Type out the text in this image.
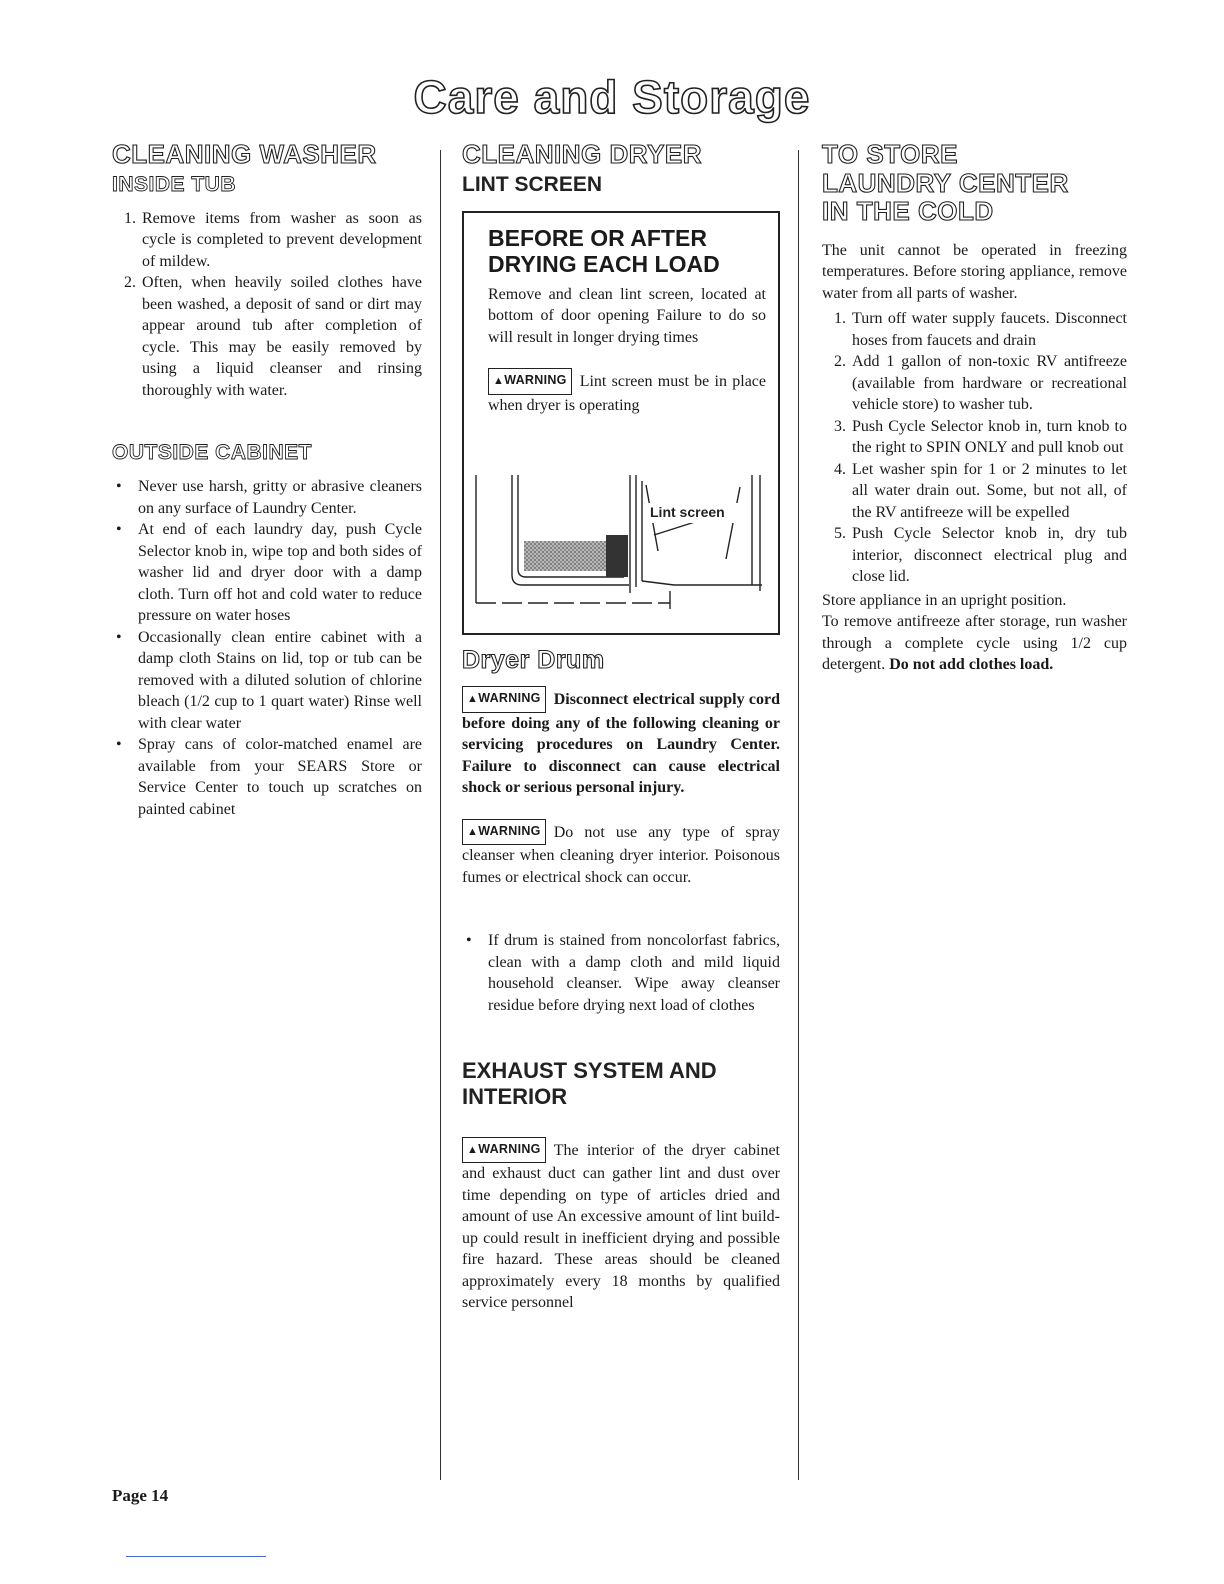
Care and Storage
CLEANING WASHER
INSIDE TUB
1. Remove items from washer as soon as cycle is completed to prevent development of mildew.
2. Often, when heavily soiled clothes have been washed, a deposit of sand or dirt may appear around tub after completion of cycle. This may be easily removed by using a liquid cleanser and rinsing thoroughly with water.
OUTSIDE CABINET
• Never use harsh, gritty or abrasive cleaners on any surface of Laundry Center.
• At end of each laundry day, push Cycle Selector knob in, wipe top and both sides of washer lid and dryer door with a damp cloth. Turn off hot and cold water to reduce pressure on water hoses
• Occasionally clean entire cabinet with a damp cloth Stains on lid, top or tub can be removed with a diluted solution of chlorine bleach (1/2 cup to 1 quart water) Rinse well with clear water
• Spray cans of color-matched enamel are available from your SEARS Store or Service Center to touch up scratches on painted cabinet
CLEANING DRYER
LINT SCREEN
BEFORE OR AFTER DRYING EACH LOAD

Remove and clean lint screen, located at bottom of door opening Failure to do so will result in longer drying times

▲WARNING Lint screen must be in place when dryer is operating

Lint screen
Dryer Drum

▲WARNING Disconnect electrical supply cord before doing any of the following cleaning or servicing procedures on Laundry Center. Failure to disconnect can cause electrical shock or serious personal injury.

▲WARNING Do not use any type of spray cleanser when cleaning dryer interior. Poisonous fumes or electrical shock can occur.

• If drum is stained from noncolorfast fabrics, clean with a damp cloth and mild liquid household cleanser. Wipe away cleanser residue before drying next load of clothes
EXHAUST SYSTEM AND INTERIOR

▲WARNING The interior of the dryer cabinet and exhaust duct can gather lint and dust over time depending on type of articles dried and amount of use An excessive amount of lint build-up could result in inefficient drying and possible fire hazard. These areas should be cleaned approximately every 18 months by qualified service personnel

TO STORE LAUNDRY CENTER IN THE COLD

The unit cannot be operated in freezing temperatures. Before storing appliance, remove water from all parts of washer.

1. Turn off water supply faucets. Disconnect hoses from faucets and drain
2. Add 1 gallon of non-toxic RV antifreeze (available from hardware or recreational vehicle store) to washer tub.
3. Push Cycle Selector knob in, turn knob to the right to SPIN ONLY and pull knob out
4. Let washer spin for 1 or 2 minutes to let all water drain out. Some, but not all, of the RV antifreeze will be expelled
5. Push Cycle Selector knob in, dry tub interior, disconnect electrical plug and close lid.

Store appliance in an upright position.

To remove antifreeze after storage, run washer through a complete cycle using 1/2 cup detergent. Do not add clothes load.

Page 14
